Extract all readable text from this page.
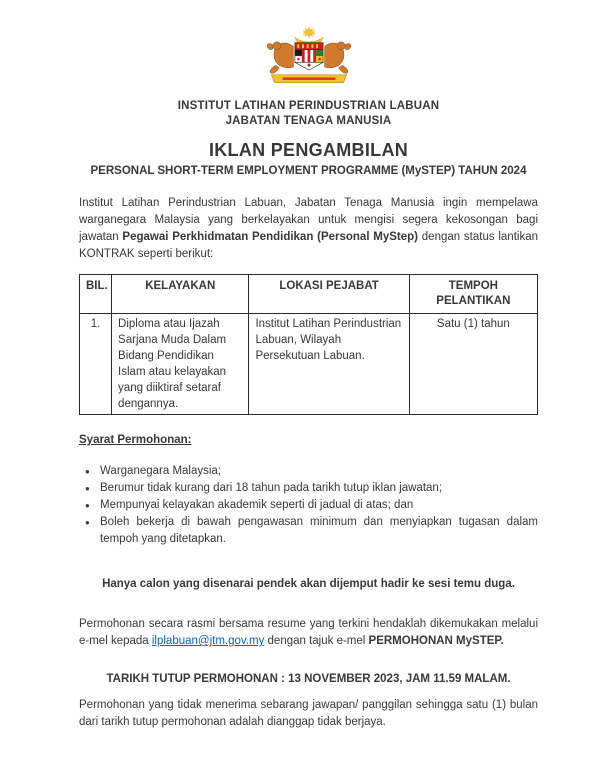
INSTITUT LATIHAN PERINDUSTRIAN LABUAN
JABATAN TENAGA MANUSIA
IKLAN PENGAMBILAN
PERSONAL SHORT-TERM EMPLOYMENT PROGRAMME (MySTEP) TAHUN 2024
Institut Latihan Perindustrian Labuan, Jabatan Tenaga Manusia ingin mempelawa warganegara Malaysia yang berkelayakan untuk mengisi segera kekosongan bagi jawatan Pegawai Perkhidmatan Pendidikan (Personal MyStep) dengan status lantikan KONTRAK seperti berikut:
BIL.	KELAYAKAN	LOKASI PEJABAT	TEMPOH PELANTIKAN

1.	Diploma atau Ijazah Sarjana Muda Dalam Bidang Pendidikan Islam atau kelayakan yang diiktiraf setaraf dengannya.	Institut Latihan Perindustrian Labuan, Wilayah Persekutuan Labuan.	Satu (1) tahun
Syarat Permohonan:
● Warganegara Malaysia;
● Berumur tidak kurang dari 18 tahun pada tarikh tutup iklan jawatan;
● Mempunyai kelayakan akademik seperti di jadual di atas; dan
● Boleh bekerja di bawah pengawasan minimum dan menyiapkan tugasan dalam tempoh yang ditetapkan.
Hanya calon yang disenarai pendek akan dijemput hadir ke sesi temu duga.
Permohonan secara rasmi bersama resume yang terkini hendaklah dikemukakan melalui e-mel kepada ilplabuan@jtm.gov.my dengan tajuk e-mel PERMOHONAN MySTEP.
TARIKH TUTUP PERMOHONAN : 13 NOVEMBER 2023, JAM 11.59 MALAM.
Permohonan yang tidak menerima sebarang jawapan/ panggilan sehingga satu (1) bulan dari tarikh tutup permohonan adalah dianggap tidak berjaya.
